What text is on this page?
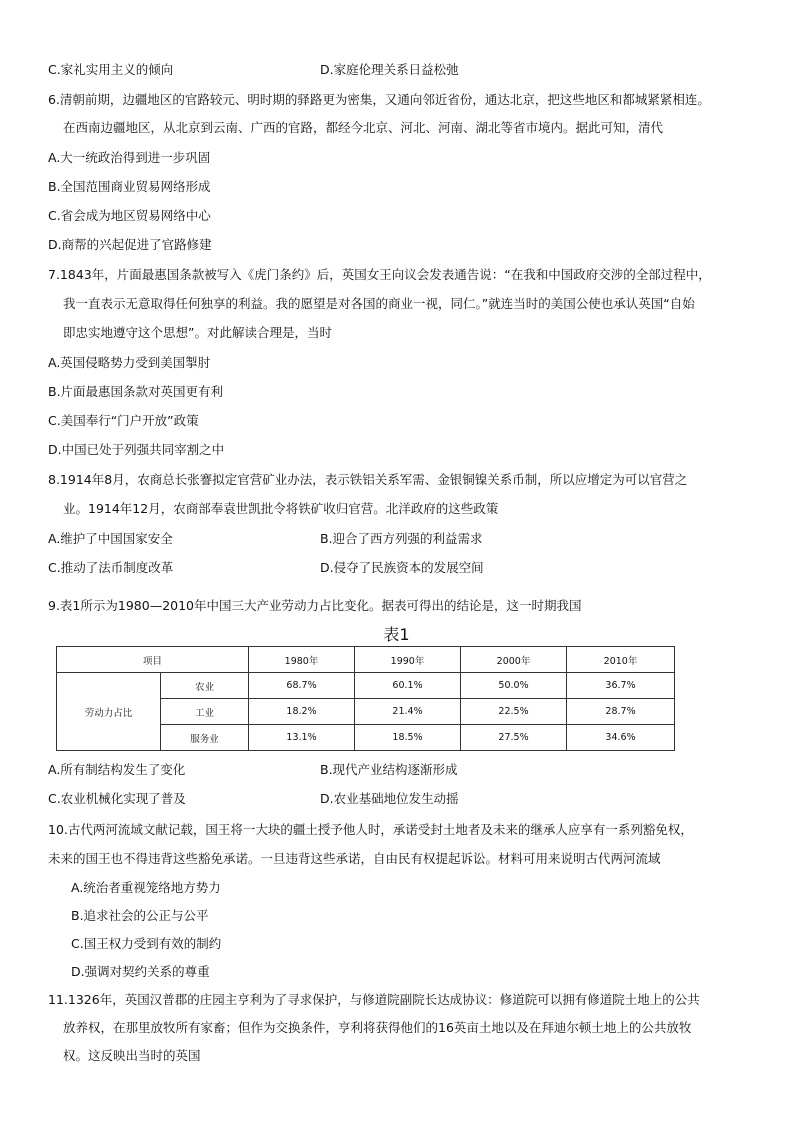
C.家礼实用主义的倾向	D.家庭伦理关系日益松弛
6.清朝前期，边疆地区的官路较元、明时期的驿路更为密集，又通向邻近省份，通达北京，把这些地区和都城紧紧相连。
在西南边疆地区，从北京到云南、广西的官路，都经今北京、河北、河南、湖北等省市境内。据此可知，清代
A.大一统政治得到进一步巩固
B.全国范围商业贸易网络形成
C.省会成为地区贸易网络中心
D.商帮的兴起促进了官路修建
7.1843年，片面最惠国条款被写入《虎门条约》后，英国女王向议会发表通告说：“在我和中国政府交涉的全部过程中，
我一直表示无意取得任何独享的利益。我的愿望是对各国的商业一视，同仁。”就连当时的美国公使也承认英国“自始
即忠实地遵守这个思想”。对此解读合理是，当时
A.英国侵略势力受到美国掣肘
B.片面最惠国条款对英国更有利
C.美国奉行“门户开放”政策
D.中国已处于列强共同宰割之中
8.1914年8月，农商总长张謇拟定官营矿业办法，表示铁铝关系军需、金银铜镍关系币制，所以应增定为可以官营之
业。1914年12月，农商部奉袁世凯批令将铁矿收归官营。北洋政府的这些政策
A.维护了中国国家安全	B.迎合了西方列强的利益需求
C.推动了法币制度改革	D.侵夺了民族资本的发展空间
9.表1所示为1980—2010年中国三大产业劳动力占比变化。据表可得出的结论是，这一时期我国
表1
项目		1980年	1990年	2000年	2010年
劳动力占比	农业	68.7%	60.1%	50.0%	36.7%
	工业	18.2%	21.4%	22.5%	28.7%
	服务业	13.1%	18.5%	27.5%	34.6%
A.所有制结构发生了变化	B.现代产业结构逐渐形成
C.农业机械化实现了普及	D.农业基础地位发生动摇
10.古代两河流域文献记载，国王将一大块的疆土授予他人时，承诺受封土地者及未来的继承人应享有一系列豁免权，
未来的国王也不得违背这些豁免承诺。一旦违背这些承诺，自由民有权提起诉讼。材料可用来说明古代两河流域
A.统治者重视笼络地方势力
B.追求社会的公正与公平
C.国王权力受到有效的制约
D.强调对契约关系的尊重
11.1326年，英国汉普郡的庄园主亨利为了寻求保护，与修道院副院长达成协议：修道院可以拥有修道院土地上的公共
放养权，在那里放牧所有家畜；但作为交换条件，亨利将获得他们的16英亩土地以及在拜迪尔顿土地上的公共放牧
权。这反映出当时的英国
